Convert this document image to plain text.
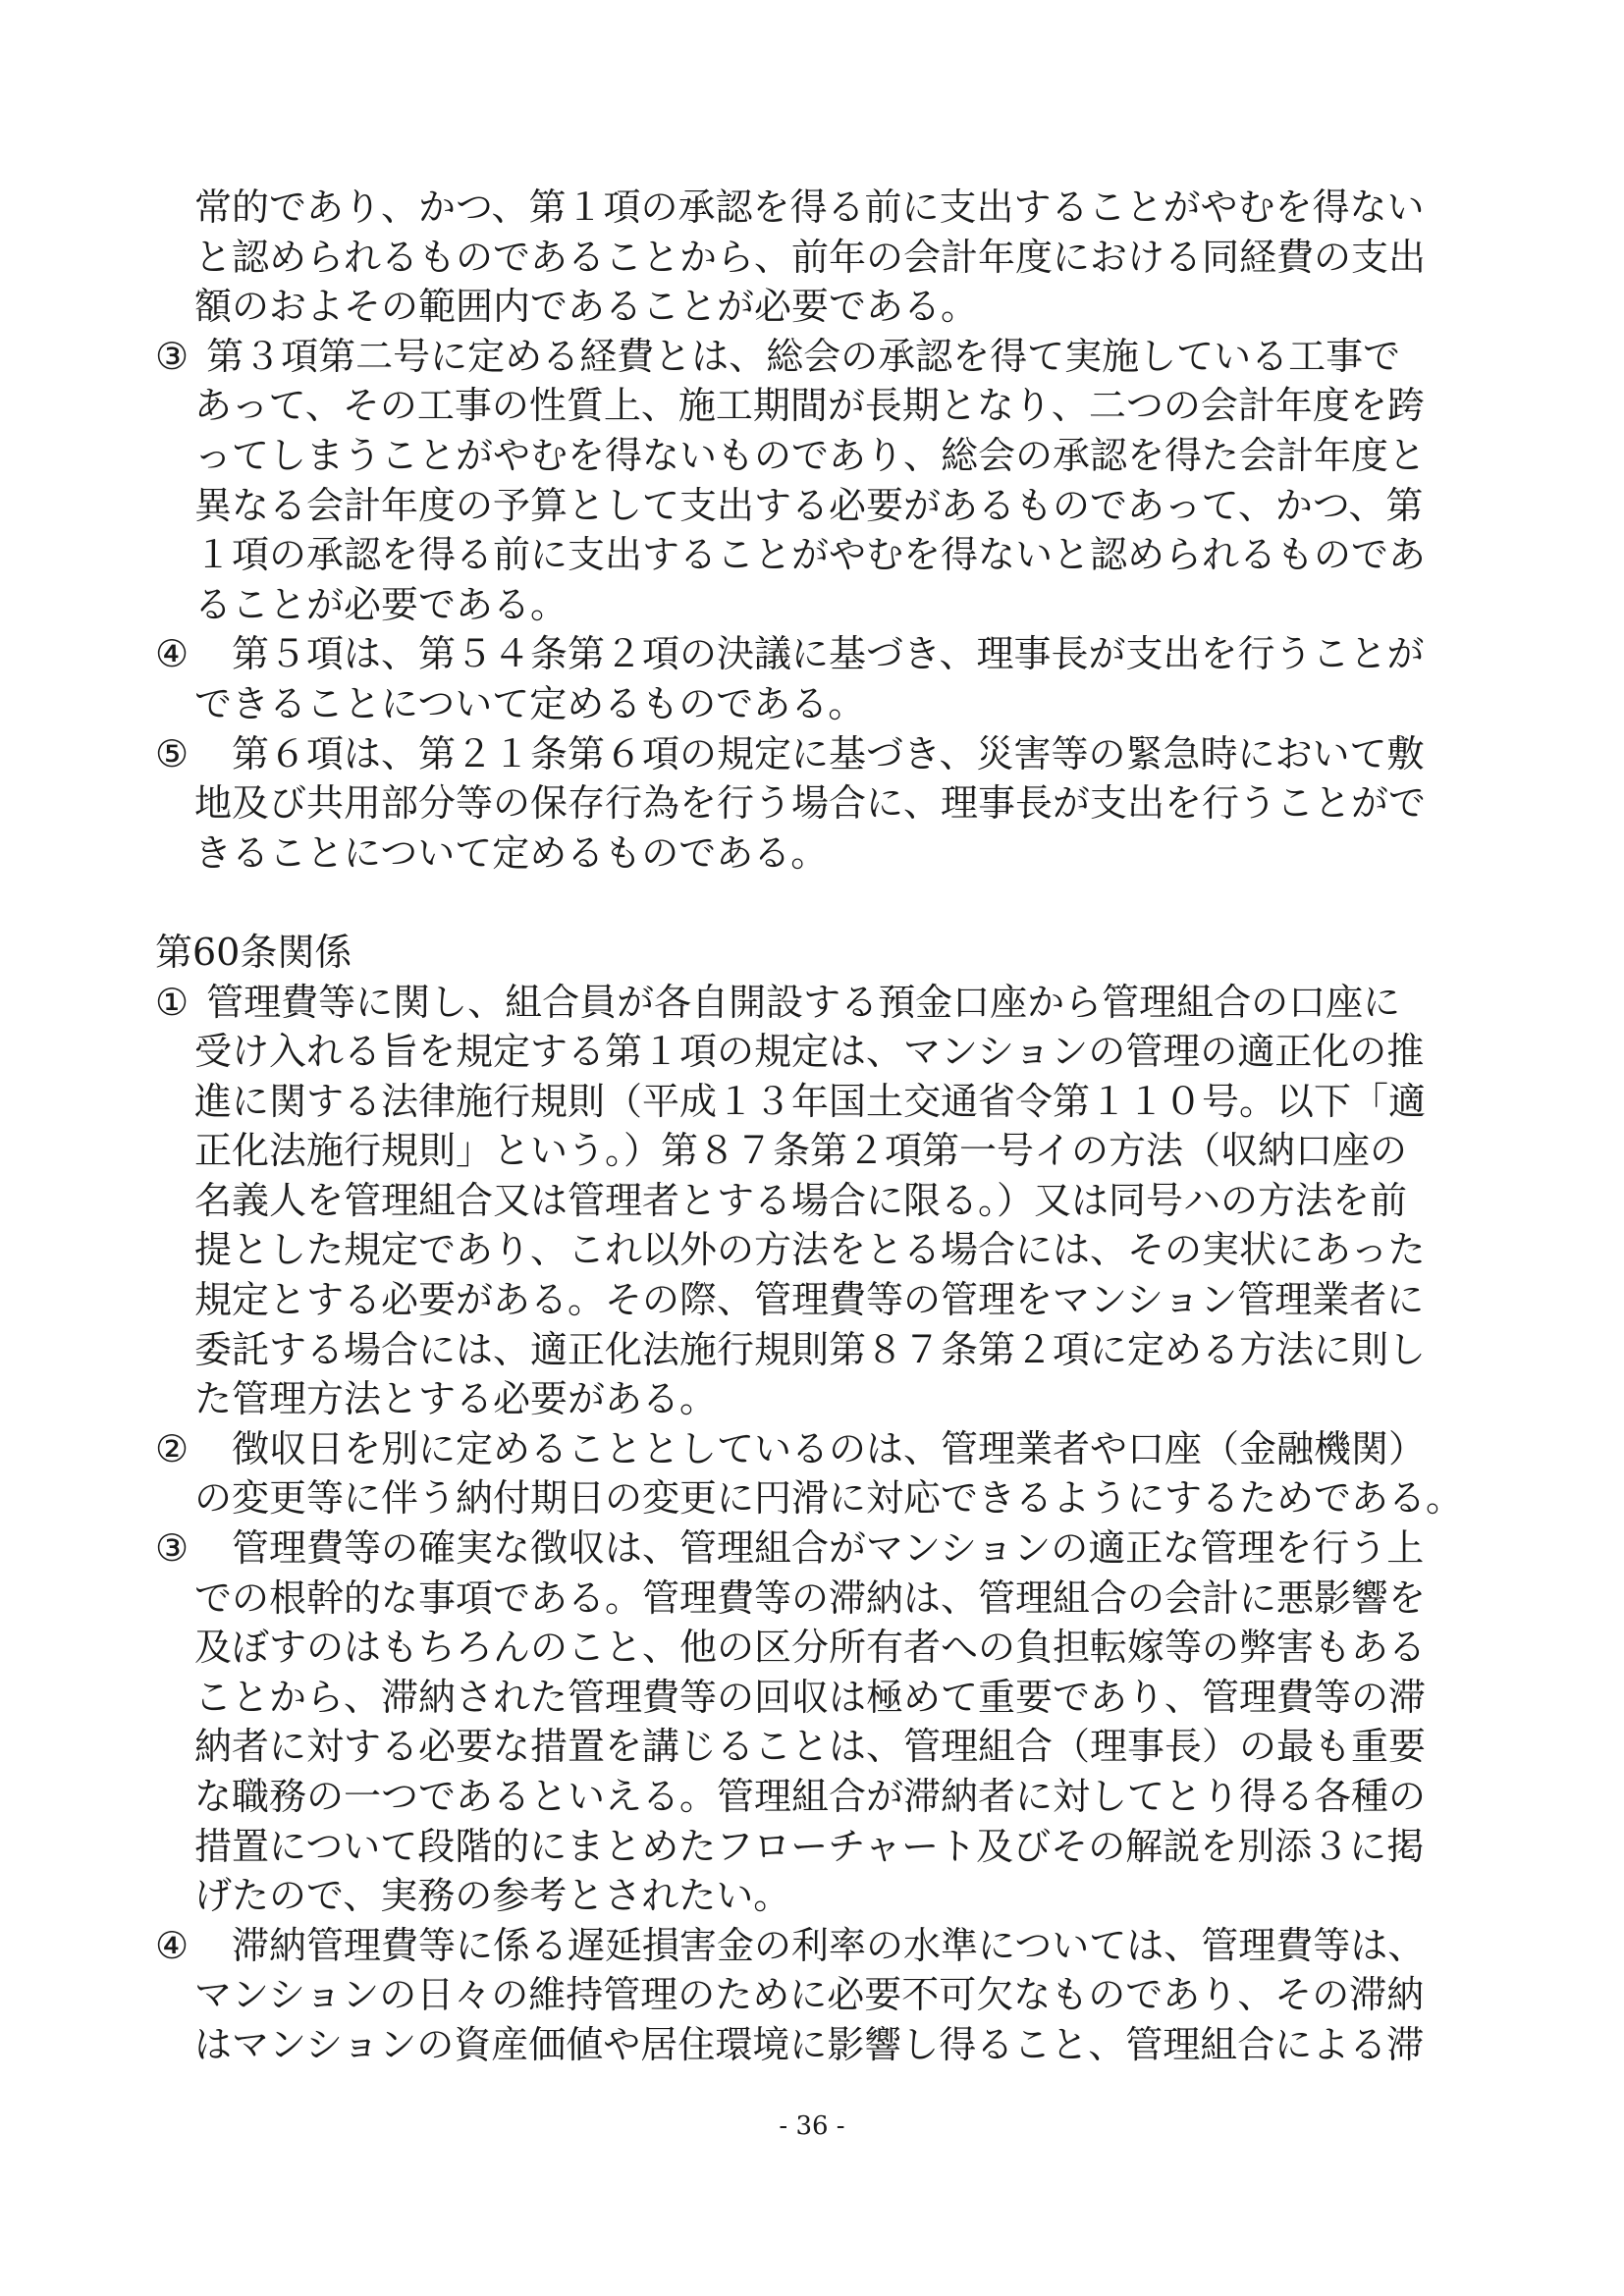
常的であり、かつ、第１項の承認を得る前に支出することがやむを得ない
と認められるものであることから、前年の会計年度における同経費の支出
額のおよその範囲内であることが必要である。
③ 第３項第二号に定める経費とは、総会の承認を得て実施している工事で
あって、その工事の性質上、施工期間が長期となり、二つの会計年度を跨
ってしまうことがやむを得ないものであり、総会の承認を得た会計年度と
異なる会計年度の予算として支出する必要があるものであって、かつ、第
１項の承認を得る前に支出することがやむを得ないと認められるものであ
ることが必要である。
④　第５項は、第５４条第２項の決議に基づき、理事長が支出を行うことが
できることについて定めるものである。
⑤　第６項は、第２１条第６項の規定に基づき、災害等の緊急時において敷
地及び共用部分等の保存行為を行う場合に、理事長が支出を行うことがで
きることについて定めるものである。
第60条関係
① 管理費等に関し、組合員が各自開設する預金口座から管理組合の口座に
受け入れる旨を規定する第１項の規定は、マンションの管理の適正化の推
進に関する法律施行規則（平成１３年国土交通省令第１１０号。以下「適
正化法施行規則」という。）第８７条第２項第一号イの方法（収納口座の
名義人を管理組合又は管理者とする場合に限る。）又は同号ハの方法を前
提とした規定であり、これ以外の方法をとる場合には、その実状にあった
規定とする必要がある。その際、管理費等の管理をマンション管理業者に
委託する場合には、適正化法施行規則第８７条第２項に定める方法に則し
た管理方法とする必要がある。
②　徴収日を別に定めることとしているのは、管理業者や口座（金融機関）
の変更等に伴う納付期日の変更に円滑に対応できるようにするためである。
③　管理費等の確実な徴収は、管理組合がマンションの適正な管理を行う上
での根幹的な事項である。管理費等の滞納は、管理組合の会計に悪影響を
及ぼすのはもちろんのこと、他の区分所有者への負担転嫁等の弊害もある
ことから、滞納された管理費等の回収は極めて重要であり、管理費等の滞
納者に対する必要な措置を講じることは、管理組合（理事長）の最も重要
な職務の一つであるといえる。管理組合が滞納者に対してとり得る各種の
措置について段階的にまとめたフローチャート及びその解説を別添３に掲
げたので、実務の参考とされたい。
④　滞納管理費等に係る遅延損害金の利率の水準については、管理費等は、
マンションの日々の維持管理のために必要不可欠なものであり、その滞納
はマンションの資産価値や居住環境に影響し得ること、管理組合による滞
- 36 -
